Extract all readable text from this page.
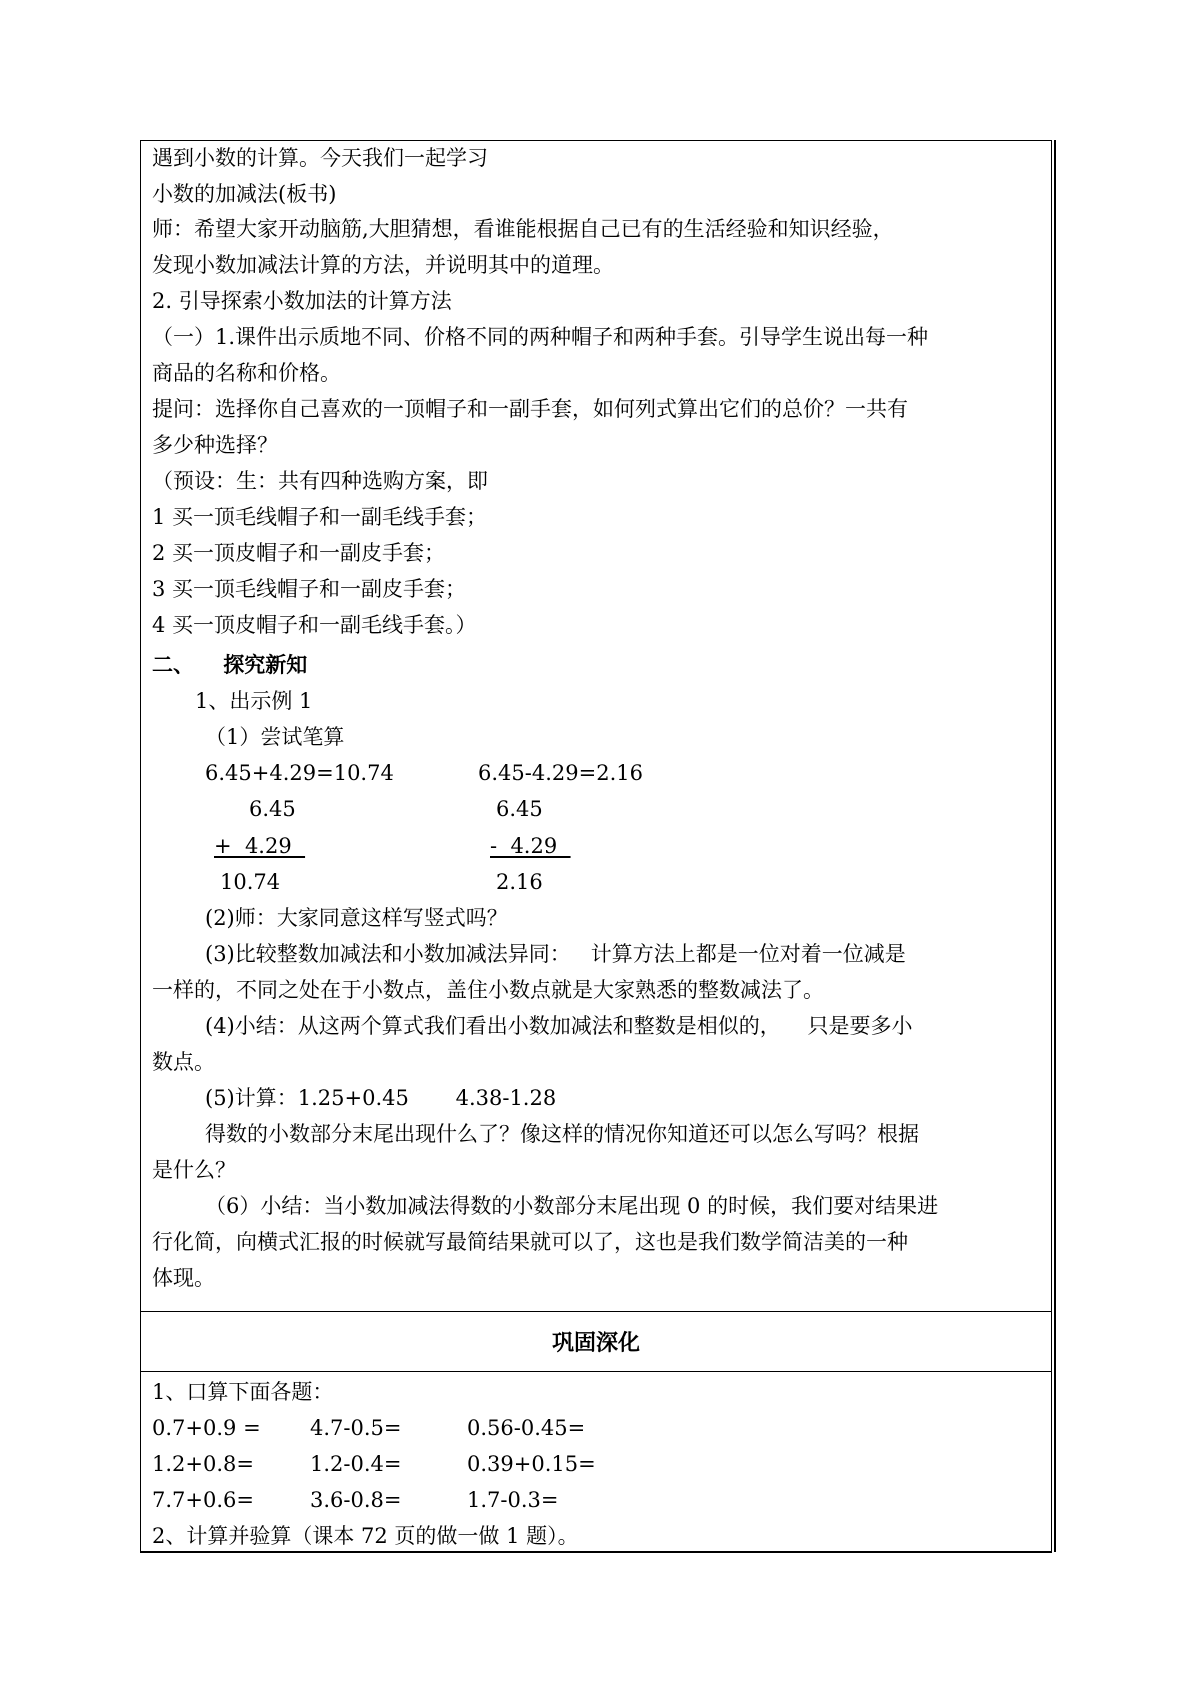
遇到小数的计算。今天我们一起学习
小数的加减法(板书)
师：希望大家开动脑筋,大胆猜想，看谁能根据自己已有的生活经验和知识经验，
发现小数加减法计算的方法，并说明其中的道理。
2. 引导探索小数加法的计算方法
（一）1.课件出示质地不同、价格不同的两种帽子和两种手套。引导学生说出每一种
商品的名称和价格。
提问：选择你自己喜欢的一顶帽子和一副手套，如何列式算出它们的总价？一共有
多少种选择？
（预设：生：共有四种选购方案，即
1 买一顶毛线帽子和一副毛线手套；
2 买一顶皮帽子和一副皮手套；
3 买一顶毛线帽子和一副皮手套；
4 买一顶皮帽子和一副毛线手套。）
二、    探究新知
1、出示例 1
（1）尝试笔算
6.45+4.29=10.74	6.45-4.29=2.16
6.45
+  4.29
10.74
6.45
-  4.29
2.16
(2)师：大家同意这样写竖式吗？
(3)比较整数加减法和小数加减法异同：   计算方法上都是一位对着一位减是
一样的，不同之处在于小数点，盖住小数点就是大家熟悉的整数减法了。
(4)小结：从这两个算式我们看出小数加减法和整数是相似的，    只是要多小
数点。
(5)计算：1.25+0.45       4.38-1.28
得数的小数部分末尾出现什么了？像这样的情况你知道还可以怎么写吗？根据
是什么？
（6）小结：当小数加减法得数的小数部分末尾出现 0 的时候，我们要对结果进
行化简，向横式汇报的时候就写最简结果就可以了，这也是我们数学简洁美的一种
体现。
巩固深化
1、口算下面各题：
0.7+0.9 = 4.7-0.5=	0.56-0.45=
1.2+0.8=	1.2-0.4=	0.39+0.15=
7.7+0.6=	3.6-0.8=	1.7-0.3=
2、计算并验算（课本 72 页的做一做 1 题）。
